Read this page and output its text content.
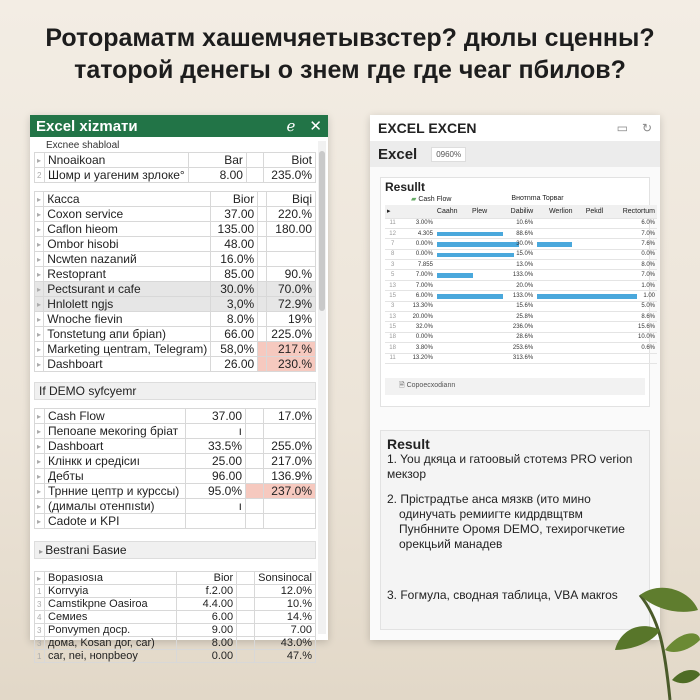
Ротораматм хашемчяетывзстер? дюлы сценны? таторой денегы о знем где где чеаг пбилов?
Excel xizmaти	ℯ ✕
Excnee shabloal
▸	Nnoaikoan	Bar		Biot
2	Шомр и yагеним зрлоке°	8.00		235.0%
▸	Касса	Bior		Biqi
▸	Coxon service	37.00		220.%
▸	Caflon hieom	135.00		180.00
▸	Ombor hisobi	48.00		
▸	Ncwten nazanий	16.0%		
▸	Restoprant	85.00		90.%
▸	Pectsurant и cafe	30.0%		70.0%
▸	Hnlolett ngjs	3,0%		72.9%
▸	Wnoche fievin	8.0%		19%
▸	Tonstetung апи брian)	66.00		225.0%
▸	Marketing цentram, Telegram)	58,0%		217.%
▸	Dashboart	26.00		230.%
If DEMO syfcyemr
▸	Cash Flow	37.00		17.0%
▸	Пепоапе мекоring бріат	ı		
▸	Dashboart	33.5%		255.0%
▸	Клінкк и средісиı	25.00		217.0%
▸	Дебты	96.00		136.9%
▸	Трнние цептр и курссы)	95.0%		237.0%
▸	(дималы отенпıstи)	ı		
▸	Cadote и KPI			
▸ Bestrani Баsие
▸	Bopasıosıa	Bior		Sonsinocal
1	Korrvyia	f.2.00		12.0%
3	Camstikpne Oasiroa	4.4.00		10.%
4	Cемиеs	6.00		14.%
3	Ponvymen доср.	9.00		7.00
3	дома, Kosan дог, car)	8.00		43.0%
1	car, nei, ноnpbeoy	0.00		47.%
EXCEL EXCEN	▭ ↻
Excel	0960%
Resullt
▰ Cash Flow	Bнотnma Topвar
▸		Caahn	Plew	Dabiliw	Werlion	Pekdl	Rectortum
11	3.00%			10.6%			6.0%
12	4.305			88.6%			7.0%
7	0.00%			30.0%			7.6%
8	0.00%			15.0%			0.0%
3	7.855			13.0%			8.0%
5	7.00%			133.0%			7.0%
13	7.00%			20.0%			1.0%
15	6.00%			133.0%			1.00
3	13.30%			15.6%			5.0%
13	20.00%			25.8%			8.6%
15	32.0%			236.0%			15.6%
18	0.00%			28.6%			10.0%
18	3.80%			253.6%			0.6%
11	13.20%			313.6%			
🗎 Copoecxodiann
Result

1. You дкяца и гатоовый стотемз PRO verion мекзор

2. Прістрадтье анса мязкв (ито мино одинучать ремиигте кидрдвщтвм Пунбнните Opoмя DEMO, техирогчкетие орекцьий манадев

3. Fогмула, сводная таблица, VBA макros
